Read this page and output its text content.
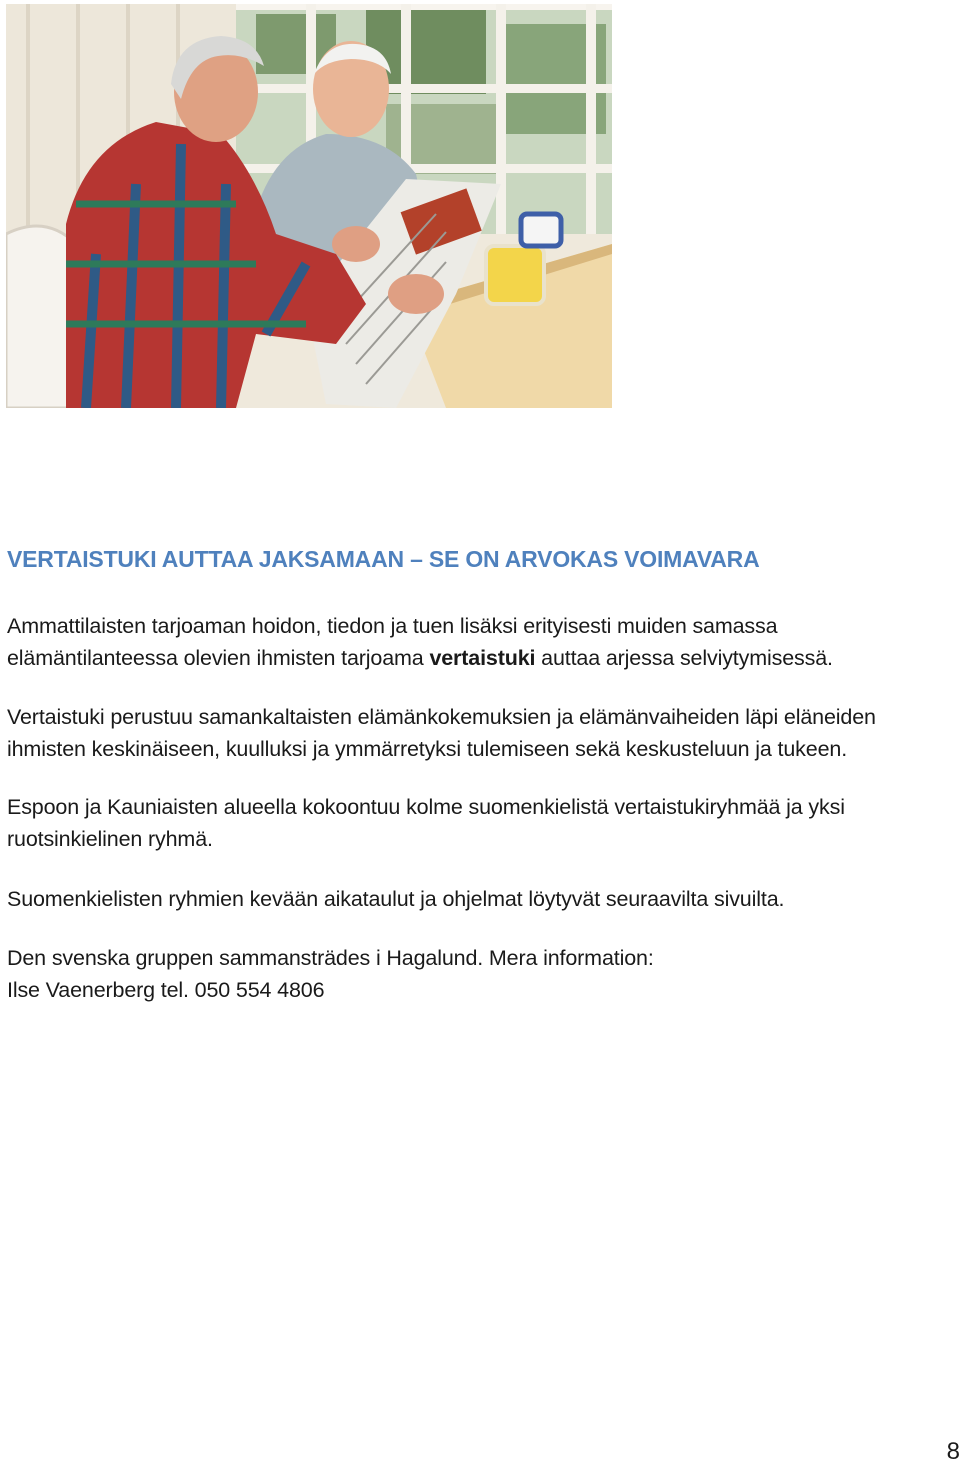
VERTAISTUKI AUTTAA JAKSAMAAN – SE ON ARVOKAS VOIMAVARA

Ammattilaisten tarjoaman hoidon, tiedon ja tuen lisäksi erityisesti muiden samassa
elämäntilanteessa olevien ihmisten tarjoama vertaistuki auttaa arjessa selviytymisessä.

Vertaistuki perustuu samankaltaisten elämänkokemuksien ja elämänvaiheiden läpi eläneiden
ihmisten keskinäiseen, kuulluksi ja ymmärretyksi tulemiseen sekä keskusteluun ja tukeen.

Espoon ja Kauniaisten alueella kokoontuu kolme suomenkielistä vertaistukiryhmää ja yksi
ruotsinkielinen ryhmä.

Suomenkielisten ryhmien kevään aikataulut ja ohjelmat löytyvät seuraavilta sivuilta.

Den svenska gruppen sammansträdes i Hagalund. Mera information:
Ilse Vaenerberg tel. 050 554 4806

8
